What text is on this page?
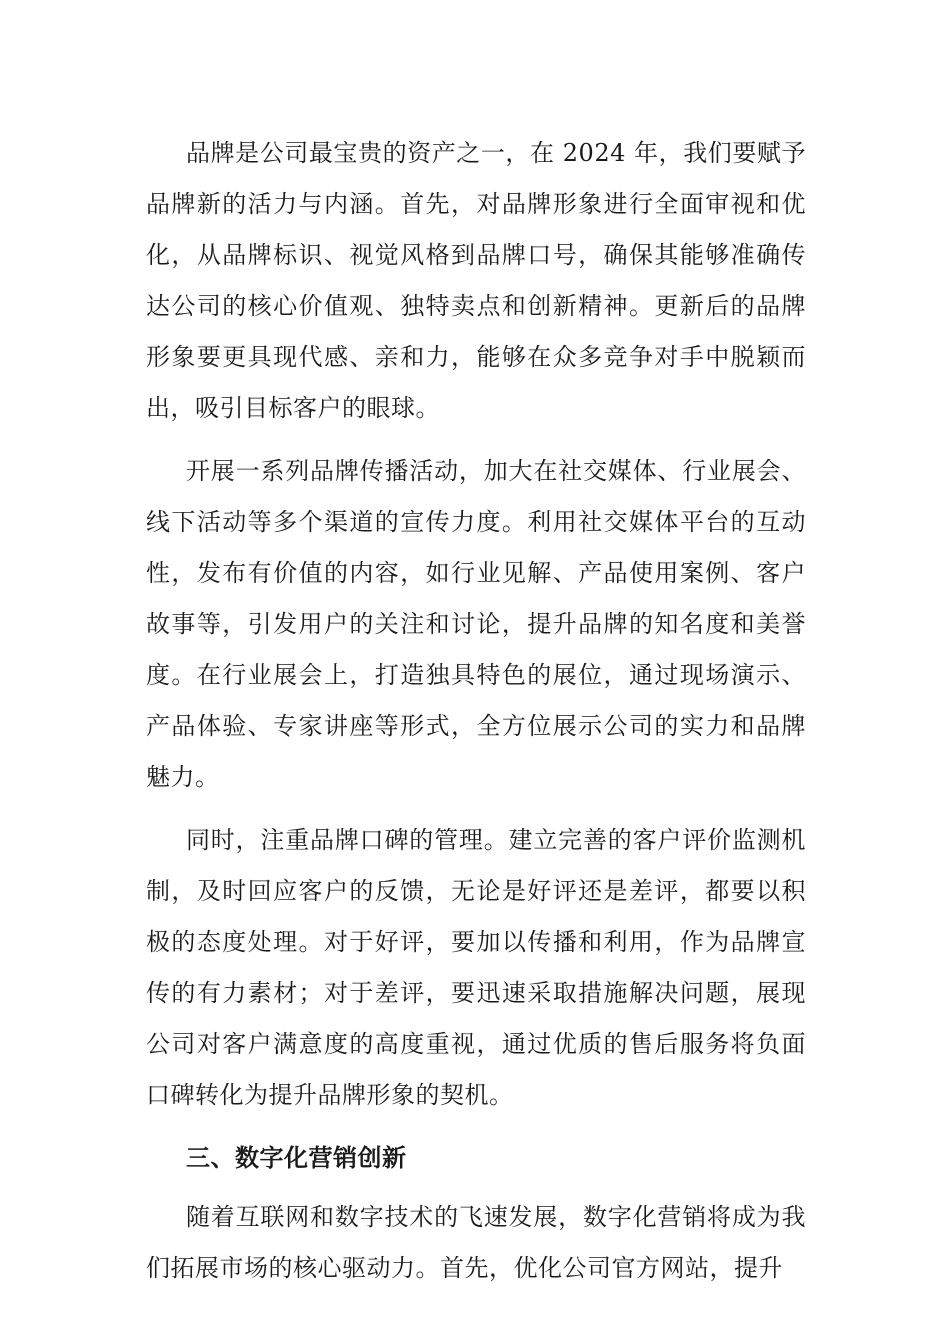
品牌是公司最宝贵的资产之一，在 2024 年，我们要赋予品牌新的活力与内涵。首先，对品牌形象进行全面审视和优化，从品牌标识、视觉风格到品牌口号，确保其能够准确传达公司的核心价值观、独特卖点和创新精神。更新后的品牌形象要更具现代感、亲和力，能够在众多竞争对手中脱颖而出，吸引目标客户的眼球。

开展一系列品牌传播活动，加大在社交媒体、行业展会、线下活动等多个渠道的宣传力度。利用社交媒体平台的互动性，发布有价值的内容，如行业见解、产品使用案例、客户故事等，引发用户的关注和讨论，提升品牌的知名度和美誉度。在行业展会上，打造独具特色的展位，通过现场演示、产品体验、专家讲座等形式，全方位展示公司的实力和品牌魅力。

同时，注重品牌口碑的管理。建立完善的客户评价监测机制，及时回应客户的反馈，无论是好评还是差评，都要以积极的态度处理。对于好评，要加以传播和利用，作为品牌宣传的有力素材；对于差评，要迅速采取措施解决问题，展现公司对客户满意度的高度重视，通过优质的售后服务将负面口碑转化为提升品牌形象的契机。

三、数字化营销创新

随着互联网和数字技术的飞速发展，数字化营销将成为我们拓展市场的核心驱动力。首先，优化公司官方网站，提升
